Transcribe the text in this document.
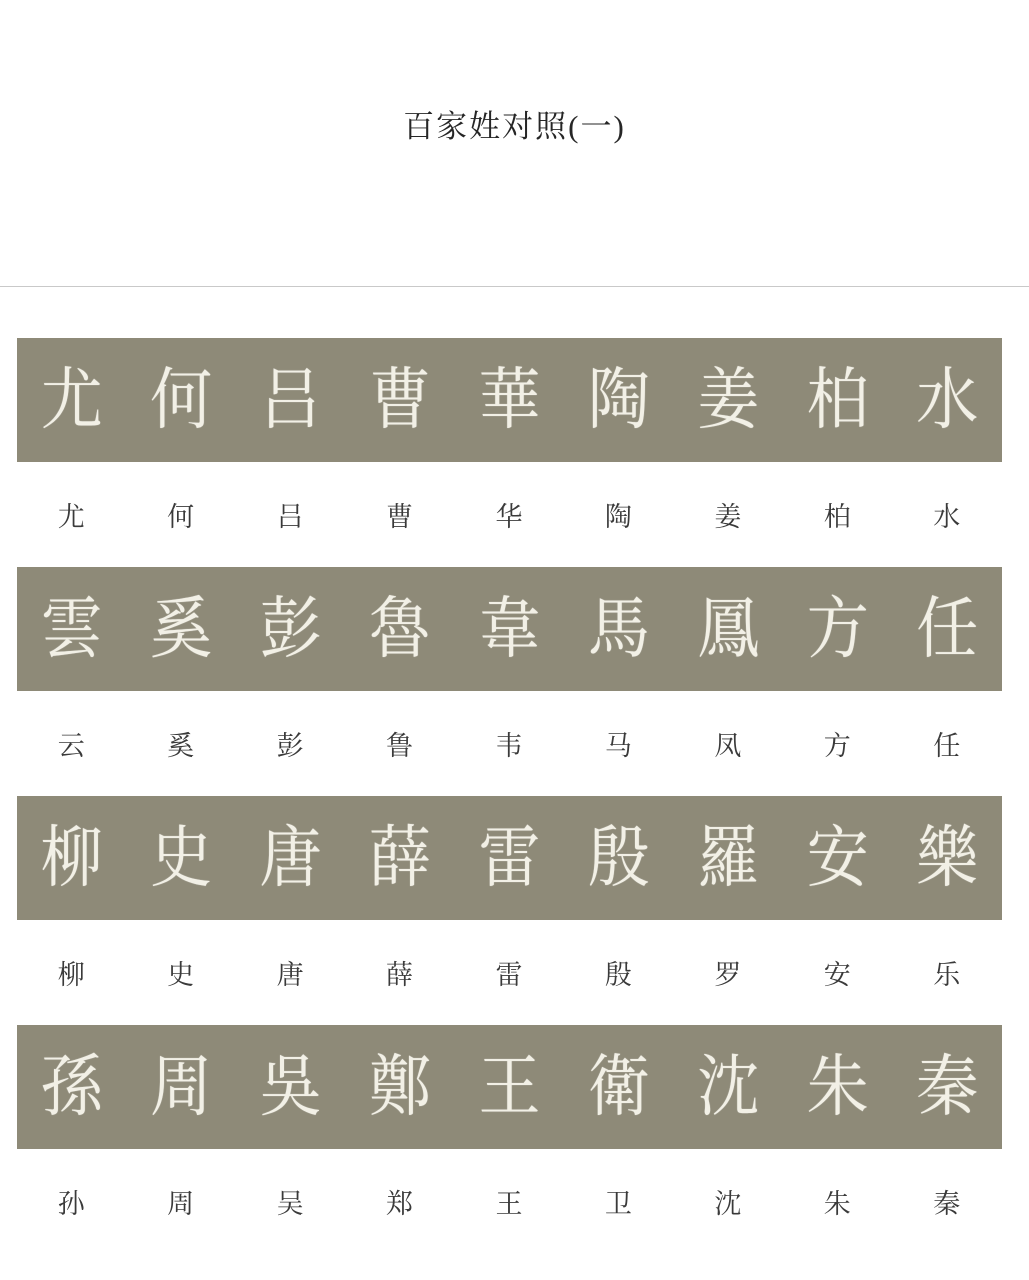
百家姓对照(一)
尤 何 吕 曹 華 陶 姜 柏 水
尤	何	吕	曹	华	陶	姜	柏	水
雲 奚 彭 魯 韋 馬 鳳 方 任
云	奚	彭	鲁	韦	马	凤	方	任
柳 史 唐 薛 雷 殷 羅 安 樂
柳	史	唐	薛	雷	殷	罗	安	乐
孫 周 吳 鄭 王 衛 沈 朱 秦
孙	周	吴	郑	王	卫	沈	朱	秦
